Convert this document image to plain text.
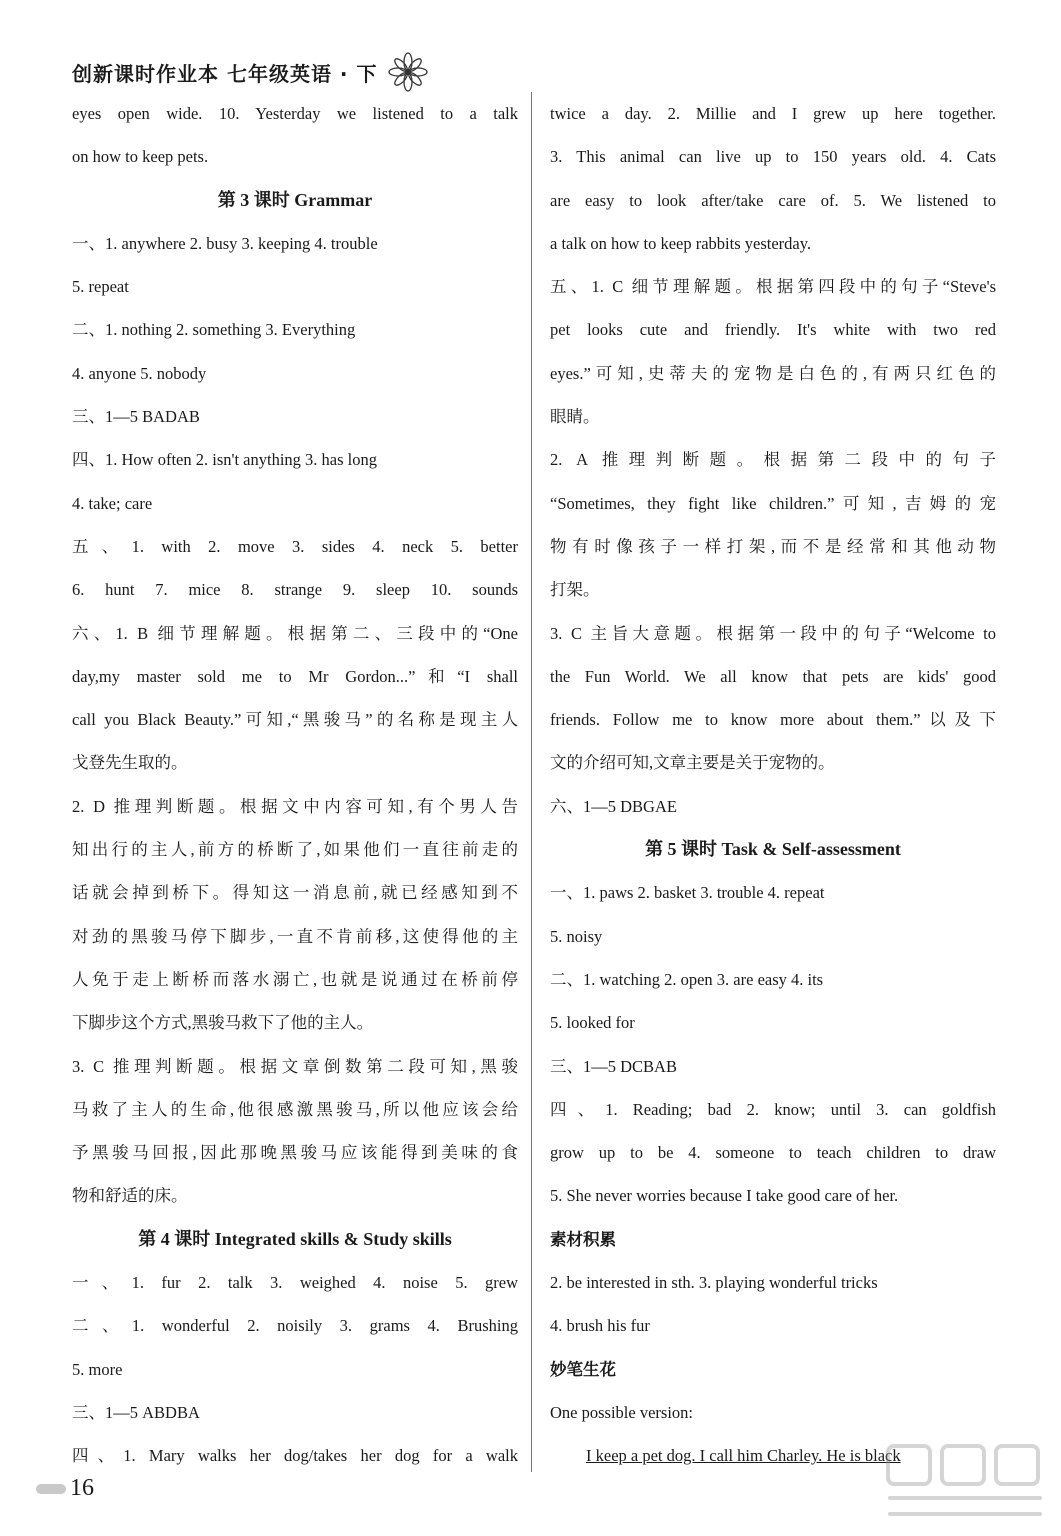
创新课时作业本 七年级英语 · 下
eyes open wide. 10. Yesterday we listened to a talk
on how to keep pets.
第 3 课时 Grammar
一、1. anywhere 2. busy 3. keeping 4. trouble
5. repeat
二、1. nothing 2. something 3. Everything
4. anyone 5. nobody
三、1—5 BADAB
四、1. How often 2. isn't anything 3. has long
4. take; care
五、1. with 2. move 3. sides 4. neck 5. better
6. hunt 7. mice 8. strange 9. sleep 10. sounds
六、1. B 细节理解题。根据第二、三段中的“One
day,my master sold me to Mr Gordon...”和“I shall
call you Black Beauty.”可知,“黑骏马”的名称是现主人
戈登先生取的。
2. D 推理判断题。根据文中内容可知,有个男人告
知出行的主人,前方的桥断了,如果他们一直往前走的
话就会掉到桥下。得知这一消息前,就已经感知到不
对劲的黑骏马停下脚步,一直不肯前移,这使得他的主
人免于走上断桥而落水溺亡,也就是说通过在桥前停
下脚步这个方式,黑骏马救下了他的主人。
3. C 推理判断题。根据文章倒数第二段可知,黑骏
马救了主人的生命,他很感激黑骏马,所以他应该会给
予黑骏马回报,因此那晚黑骏马应该能得到美味的食
物和舒适的床。
第 4 课时 Integrated skills & Study skills
一、1. fur 2. talk 3. weighed 4. noise 5. grew
二、1. wonderful 2. noisily 3. grams 4. Brushing
5. more
三、1—5 ABDBA
四、1. Mary walks her dog/takes her dog for a walk
twice a day. 2. Millie and I grew up here together.
3. This animal can live up to 150 years old. 4. Cats
are easy to look after/take care of. 5. We listened to
a talk on how to keep rabbits yesterday.
五、1. C 细节理解题。根据第四段中的句子“Steve's
pet looks cute and friendly. It's white with two red
eyes.”可知,史蒂夫的宠物是白色的,有两只红色的
眼睛。
2. A 推理判断题。根据第二段中的句子
“Sometimes, they fight like children.”可知,吉姆的宠
物有时像孩子一样打架,而不是经常和其他动物
打架。
3. C 主旨大意题。根据第一段中的句子“Welcome to
the Fun World. We all know that pets are kids' good
friends. Follow me to know more about them.”以及下
文的介绍可知,文章主要是关于宠物的。
六、1—5 DBGAE
第 5 课时 Task & Self-assessment
一、1. paws 2. basket 3. trouble 4. repeat
5. noisy
二、1. watching 2. open 3. are easy 4. its
5. looked for
三、1—5 DCBAB
四、1. Reading; bad 2. know; until 3. can goldfish
grow up to be 4. someone to teach children to draw
5. She never worries because I take good care of her.
素材积累
2. be interested in sth. 3. playing wonderful tricks
4. brush his fur
妙笔生花
One possible version:
I keep a pet dog. I call him Charley. He is black
16
